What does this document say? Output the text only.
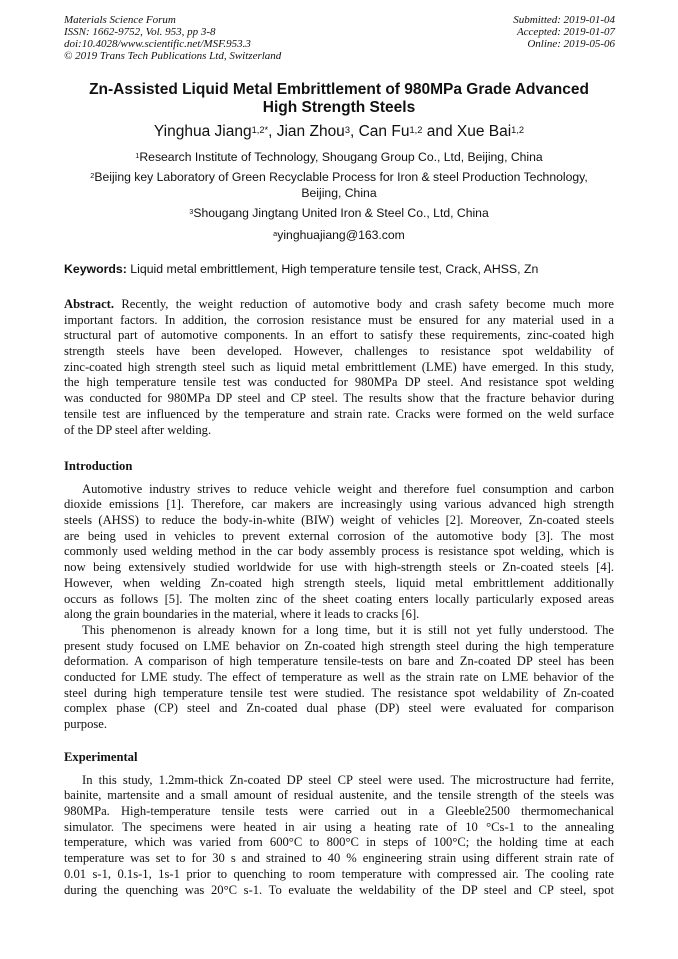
Materials Science Forum
ISSN: 1662-9752, Vol. 953, pp 3-8
doi:10.4028/www.scientific.net/MSF.953.3
© 2019 Trans Tech Publications Ltd, Switzerland
Submitted: 2019-01-04
Accepted: 2019-01-07
Online: 2019-05-06
Zn-Assisted Liquid Metal Embrittlement of 980MPa Grade Advanced
High Strength Steels
Yinghua Jiang$^{1,2*}$, Jian Zhou$^3$, Can Fu$^{1,2}$ and Xue Bai$^{1,2}$
$^1$Research Institute of Technology, Shougang Group Co., Ltd, Beijing, China
$^2$Beijing key Laboratory of Green Recyclable Process for Iron & steel Production Technology,
Beijing, China
$^3$Shougang Jingtang United Iron & Steel Co., Ltd, China
$^a$yinghuajiang@163.com
Keywords: Liquid metal embrittlement, High temperature tensile test, Crack, AHSS, Zn
Abstract. Recently, the weight reduction of automotive body and crash safety become much more
important factors. In addition, the corrosion resistance must be ensured for any material used in a
structural part of automotive components. In an effort to satisfy these requirements, zinc-coated high
strength steels have been developed. However, challenges to resistance spot weldability of
zinc-coated high strength steel such as liquid metal embrittlement (LME) have emerged. In this study,
the high temperature tensile test was conducted for 980MPa DP steel. And resistance spot welding
was conducted for 980MPa DP steel and CP steel. The results show that the fracture behavior during
tensile test are influenced by the temperature and strain rate. Cracks were formed on the weld surface
of the DP steel after welding.
Introduction
Automotive industry strives to reduce vehicle weight and therefore fuel consumption and carbon
dioxide emissions [1]. Therefore, car makers are increasingly using various advanced high strength
steels (AHSS) to reduce the body-in-white (BIW) weight of vehicles [2]. Moreover, Zn-coated steels
are being used in vehicles to prevent external corrosion of the automotive body [3]. The most
commonly used welding method in the car body assembly process is resistance spot welding, which is
now being extensively studied worldwide for use with high-strength steels or Zn-coated steels [4].
However, when welding Zn-coated high strength steels, liquid metal embrittlement additionally
occurs as follows [5]. The molten zinc of the sheet coating enters locally particularly exposed areas
along the grain boundaries in the material, where it leads to cracks [6].
This phenomenon is already known for a long time, but it is still not yet fully understood. The
present study focused on LME behavior on Zn-coated high strength steel during the high temperature
deformation. A comparison of high temperature tensile-tests on bare and Zn-coated DP steel has been
conducted for LME study. The effect of temperature as well as the strain rate on LME behavior of the
steel during high temperature tensile test were studied. The resistance spot weldability of Zn-coated
complex phase (CP) steel and Zn-coated dual phase (DP) steel were evaluated for comparison
purpose.
Experimental
In this study, 1.2mm-thick Zn-coated DP steel CP steel were used. The microstructure had ferrite,
bainite, martensite and a small amount of residual austenite, and the tensile strength of the steels was
980MPa. High-temperature tensile tests were carried out in a Gleeble2500 thermomechanical
simulator. The specimens were heated in air using a heating rate of 10 °Cs-1 to the annealing
temperature, which was varied from 600°C to 800°C in steps of 100°C; the holding time at each
temperature was set to for 30 s and strained to 40 % engineering strain using different strain rate of
0.01 s-1, 0.1s-1, 1s-1 prior to quenching to room temperature with compressed air. The cooling rate
during the quenching was 20°C s-1. To evaluate the weldability of the DP steel and CP steel, spot
